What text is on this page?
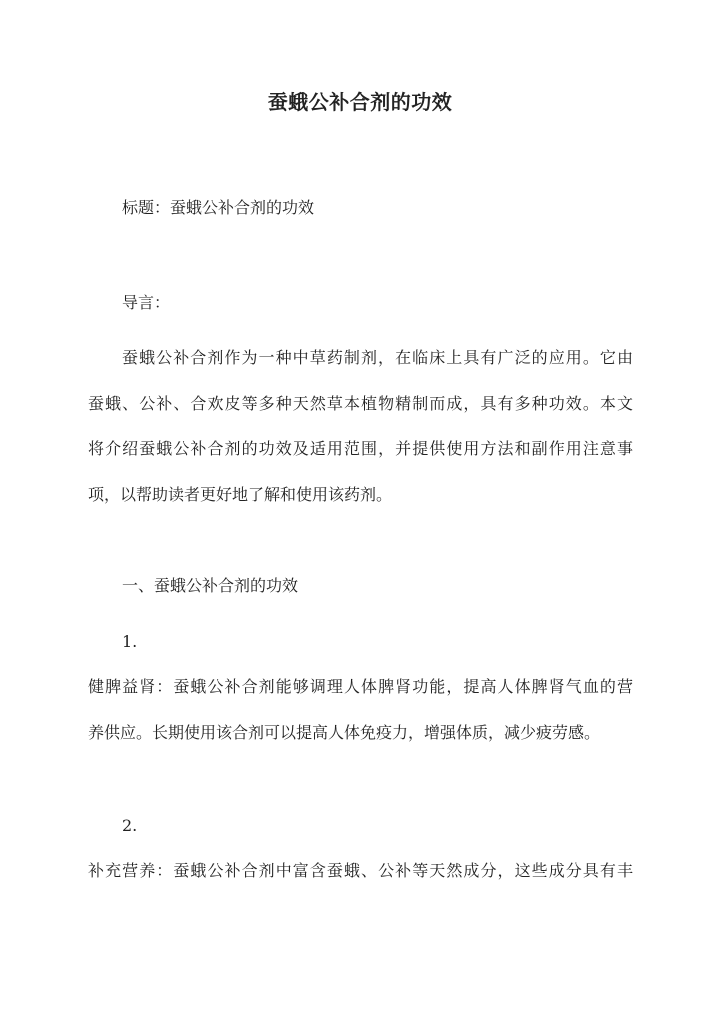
蚕蛾公补合剂的功效
标题：蚕蛾公补合剂的功效
导言：
蚕蛾公补合剂作为一种中草药制剂，在临床上具有广泛的应用。它由
蚕蛾、公补、合欢皮等多种天然草本植物精制而成，具有多种功效。本文
将介绍蚕蛾公补合剂的功效及适用范围，并提供使用方法和副作用注意事
项，以帮助读者更好地了解和使用该药剂。
一、蚕蛾公补合剂的功效
1.
健脾益肾：蚕蛾公补合剂能够调理人体脾肾功能，提高人体脾肾气血的营
养供应。长期使用该合剂可以提高人体免疫力，增强体质，减少疲劳感。
2.
补充营养：蚕蛾公补合剂中富含蚕蛾、公补等天然成分，这些成分具有丰
